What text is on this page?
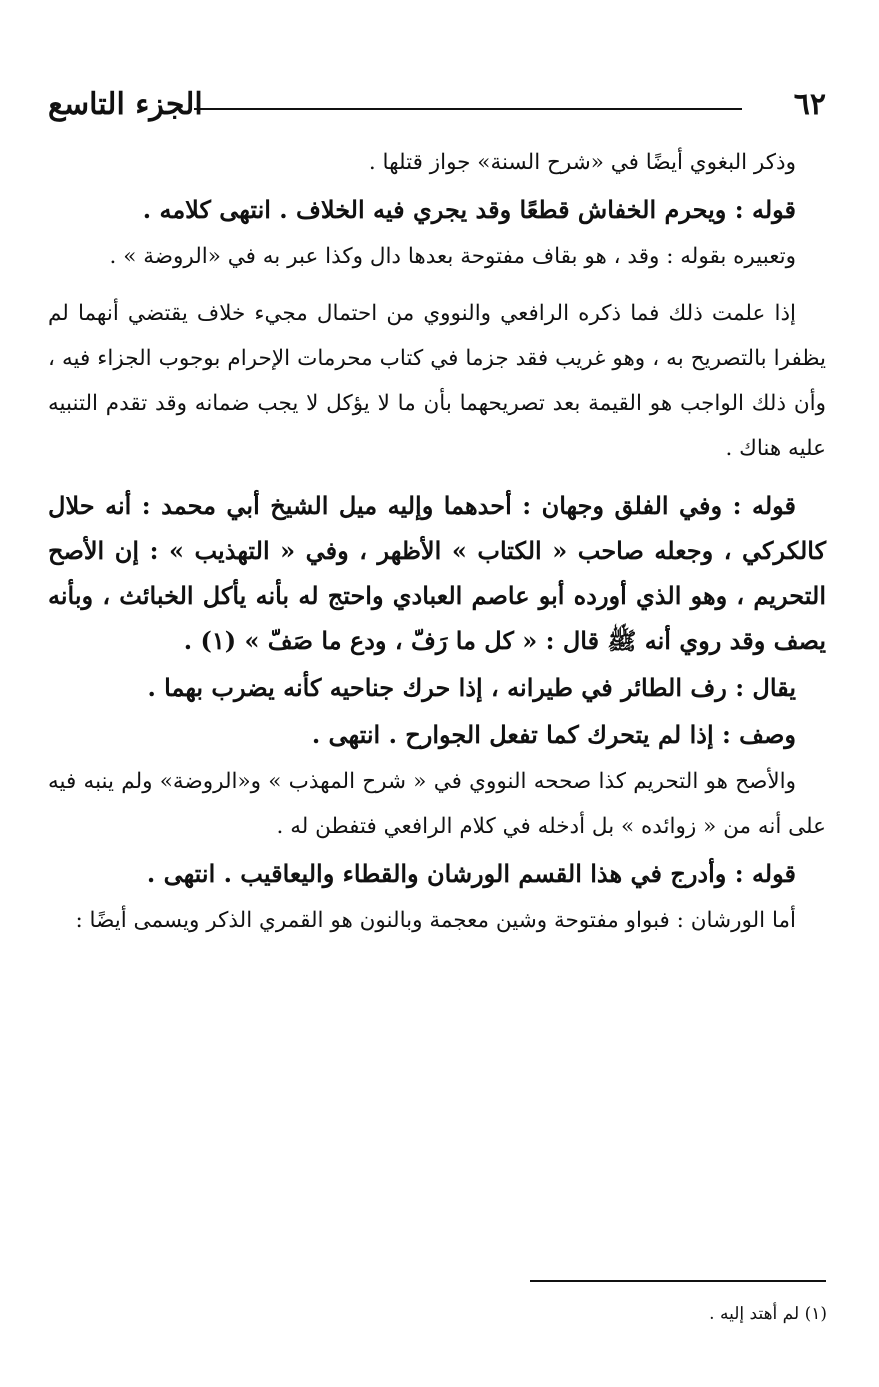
٦٢
الجزء التاسع

وذكر البغوي أيضًا في «شرح السنة» جواز قتلها .

قوله : ويحرم الخفاش قطعًا وقد يجري فيه الخلاف . انتهى كلامه .

وتعبيره بقوله : وقد ، هو بقاف مفتوحة بعدها دال وكذا عبر به في «الروضة » .

إذا علمت ذلك فما ذكره الرافعي والنووي من احتمال مجيء خلاف يقتضي أنهما لم يظفرا بالتصريح به ، وهو غريب فقد جزما في كتاب محرمات الإحرام بوجوب الجزاء فيه ، وأن ذلك الواجب هو القيمة بعد تصريحهما بأن ما لا يؤكل لا يجب ضمانه وقد تقدم التنبيه عليه هناك .

قوله : وفي الفلق وجهان : أحدهما وإليه ميل الشيخ أبي محمد : أنه حلال كالكركي ، وجعله صاحب « الكتاب » الأظهر ، وفي « التهذيب » : إن الأصح التحريم ، وهو الذي أورده أبو عاصم العبادي واحتج له بأنه يأكل الخبائث ، وبأنه يصف وقد روي أنه ﷺ قال : « كل ما رَفّ ، ودع ما صَفّ » (١) .

يقال : رف الطائر في طيرانه ، إذا حرك جناحيه كأنه يضرب بهما .

وصف : إذا لم يتحرك كما تفعل الجوارح . انتهى .

والأصح هو التحريم كذا صححه النووي في « شرح المهذب » و«الروضة» ولم ينبه فيه على أنه من « زوائده » بل أدخله في كلام الرافعي فتفطن له .

قوله : وأدرج في هذا القسم الورشان والقطاء واليعاقيب . انتهى .

أما الورشان : فبواو مفتوحة وشين معجمة وبالنون هو القمري الذكر ويسمى أيضًا :

(١) لم أهتد إليه .
